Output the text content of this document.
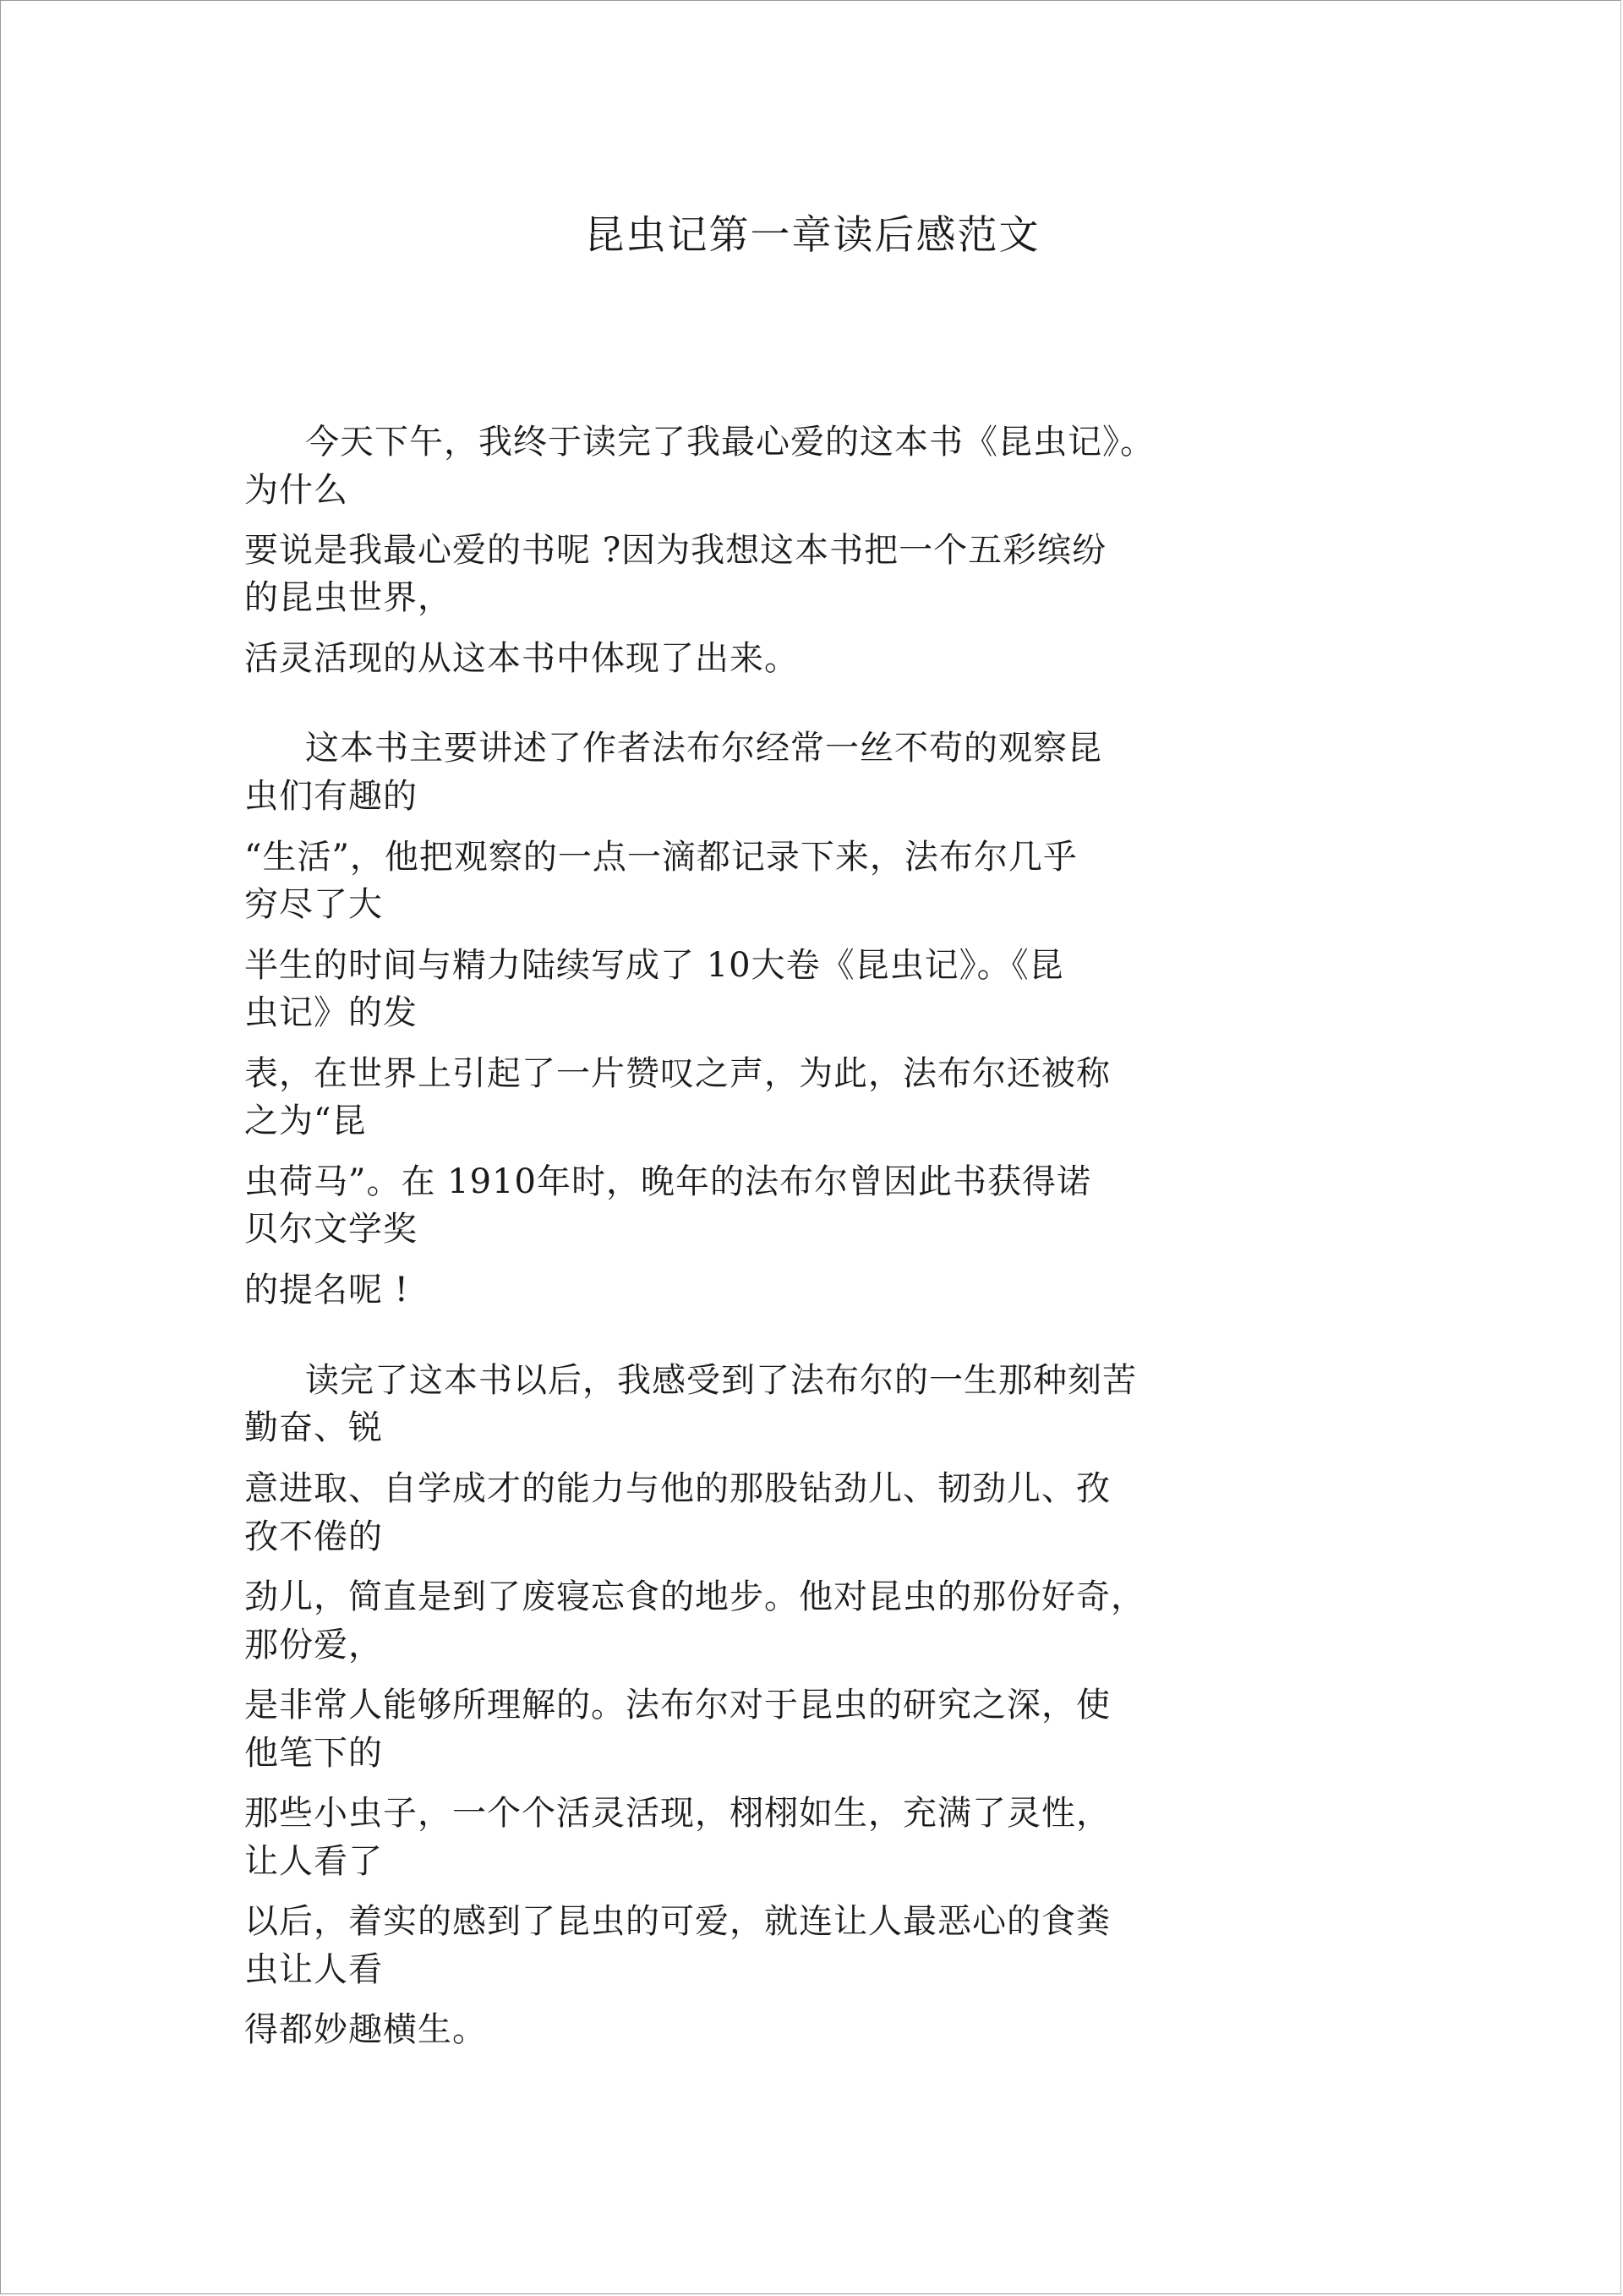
昆虫记第一章读后感范文
今天下午，我终于读完了我最心爱的这本书《昆虫记》。
为什么
要说是我最心爱的书呢 ?因为我想这本书把一个五彩缤纷
的昆虫世界，
活灵活现的从这本书中体现了出来。
这本书主要讲述了作者法布尔经常一丝不苟的观察昆
虫们有趣的
“生活”，他把观察的一点一滴都记录下来，法布尔几乎
穷尽了大
半生的时间与精力陆续写成了 10大卷《昆虫记》。《昆
虫记》的发
表，在世界上引起了一片赞叹之声，为此，法布尔还被称
之为“昆
虫荷马”。在 1910年时，晚年的法布尔曾因此书获得诺
贝尔文学奖
的提名呢 !
读完了这本书以后，我感受到了法布尔的一生那种刻苦
勤奋、锐
意进取、自学成才的能力与他的那股钻劲儿、韧劲儿、孜
孜不倦的
劲儿，简直是到了废寝忘食的地步。他对昆虫的那份好奇，
那份爱，
是非常人能够所理解的。法布尔对于昆虫的研究之深，使
他笔下的
那些小虫子，一个个活灵活现，栩栩如生，充满了灵性，
让人看了
以后，着实的感到了昆虫的可爱，就连让人最恶心的食粪
虫让人看
得都妙趣横生。
